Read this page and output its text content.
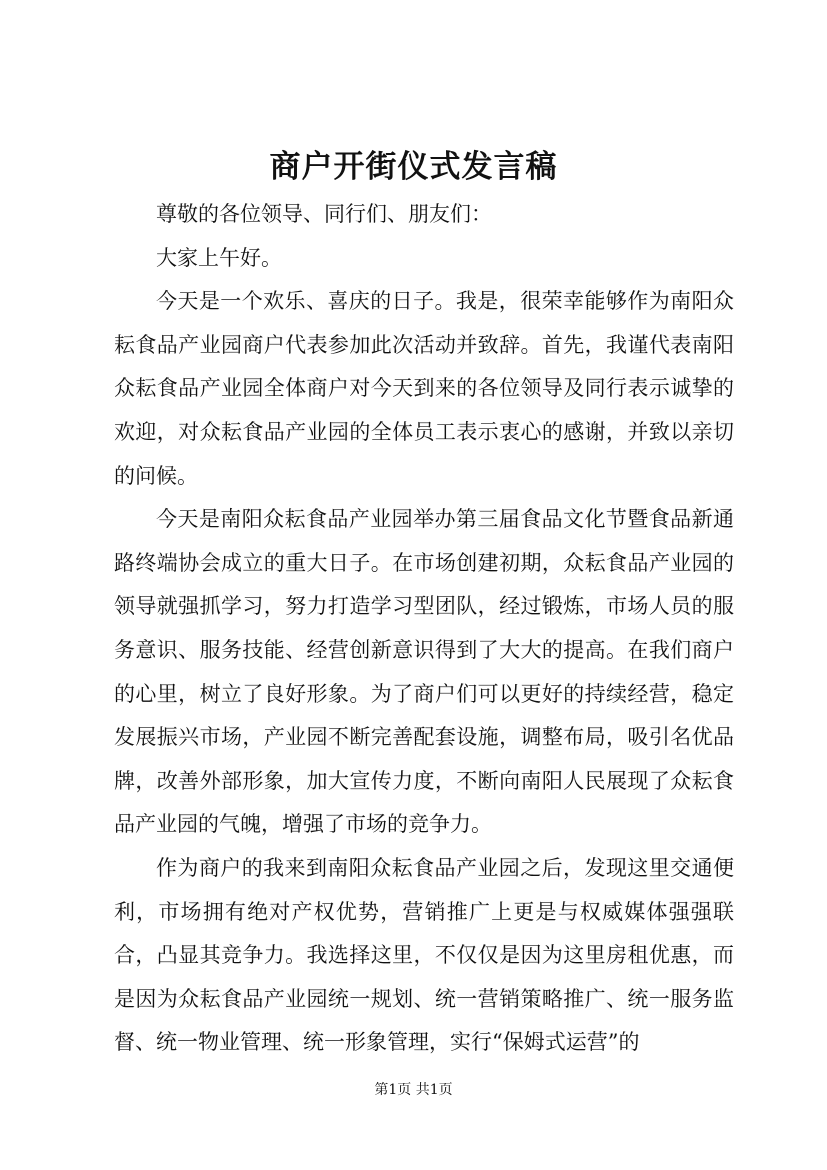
商户开街仪式发言稿

尊敬的各位领导、同行们、朋友们：

大家上午好。

今天是一个欢乐、喜庆的日子。我是，很荣幸能够作为南阳众耘食品产业园商户代表参加此次活动并致辞。首先，我谨代表南阳众耘食品产业园全体商户对今天到来的各位领导及同行表示诚挚的欢迎，对众耘食品产业园的全体员工表示衷心的感谢，并致以亲切的问候。

今天是南阳众耘食品产业园举办第三届食品文化节暨食品新通路终端协会成立的重大日子。在市场创建初期，众耘食品产业园的领导就强抓学习，努力打造学习型团队，经过锻炼，市场人员的服务意识、服务技能、经营创新意识得到了大大的提高。在我们商户的心里，树立了良好形象。为了商户们可以更好的持续经营，稳定发展振兴市场，产业园不断完善配套设施，调整布局，吸引名优品牌，改善外部形象，加大宣传力度，不断向南阳人民展现了众耘食品产业园的气魄，增强了市场的竞争力。

作为商户的我来到南阳众耘食品产业园之后，发现这里交通便利，市场拥有绝对产权优势，营销推广上更是与权威媒体强强联合，凸显其竞争力。我选择这里，不仅仅是因为这里房租优惠，而是因为众耘食品产业园统一规划、统一营销策略推广、统一服务监督、统一物业管理、统一形象管理，实行“保姆式运营”的

第1页 共1页
